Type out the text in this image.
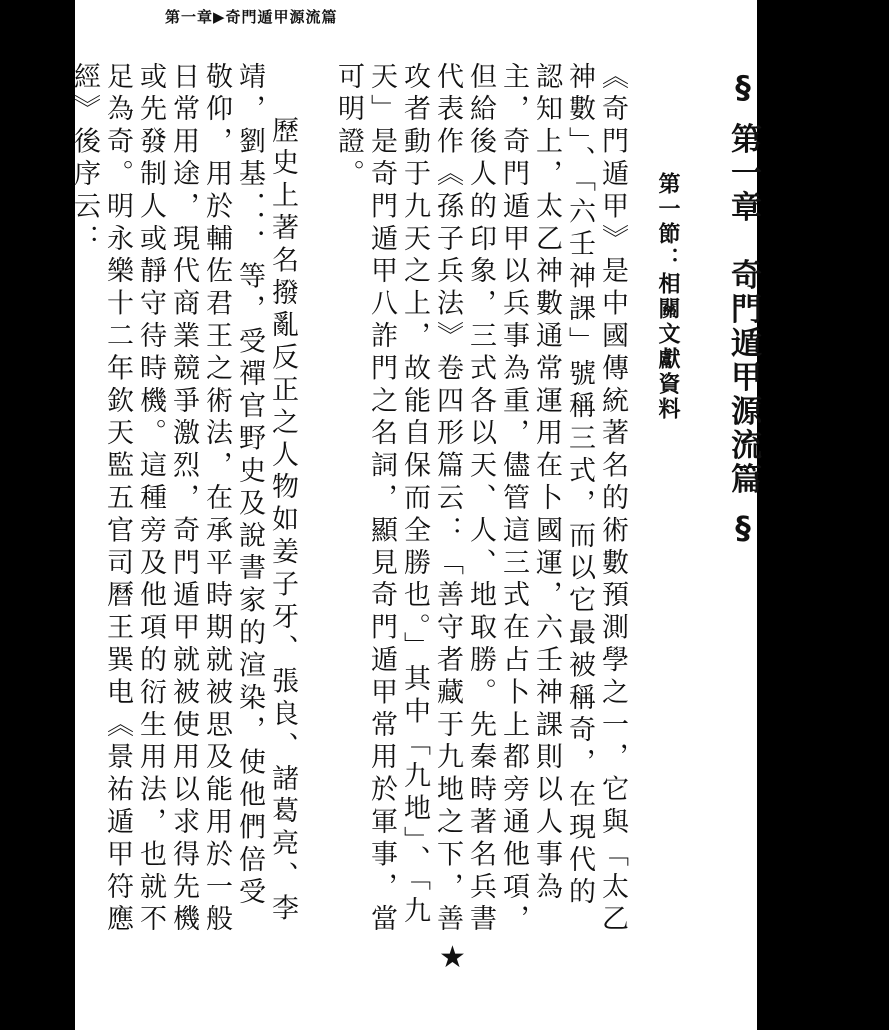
第一章▶奇門遁甲源流篇
§ 第一章　奇門遁甲源流篇 §
第一節：相關文獻資料

《奇門遁甲》是中國傳統著名的術數預測學之一，它與「太乙神數」、「六壬神課」號稱三式，而以它最被稱奇，在現代的認知上，太乙神數通常運用在卜國運，六壬神課則以人事為主，奇門遁甲以兵事為重，儘管這三式在占卜上都旁通他項，但給後人的印象，三式各以天、人、地取勝。先秦時著名兵書代表作《孫子兵法》卷四形篇云：「善守者藏于九地之下，善攻者動于九天之上，故能自保而全勝也。」其中「九地」、「九天」是奇門遁甲八詐門之名詞，顯見奇門遁甲常用於軍事，當可明證。

歷史上著名撥亂反正之人物如姜子牙、張良、諸葛亮、李靖，劉基．．．等，受禪官野史及說書家的渲染，使他們倍受敬仰，用於輔佐君王之術法，在承平時期就被思及能用於一般日常用途，現代商業競爭激烈，奇門遁甲就被使用以求得先機或先發制人或靜守待時機。這種旁及他項的衍生用法，也就不足為奇。明永樂十二年欽天監五官司曆王巽电《景祐遁甲符應經》後序云：

★
